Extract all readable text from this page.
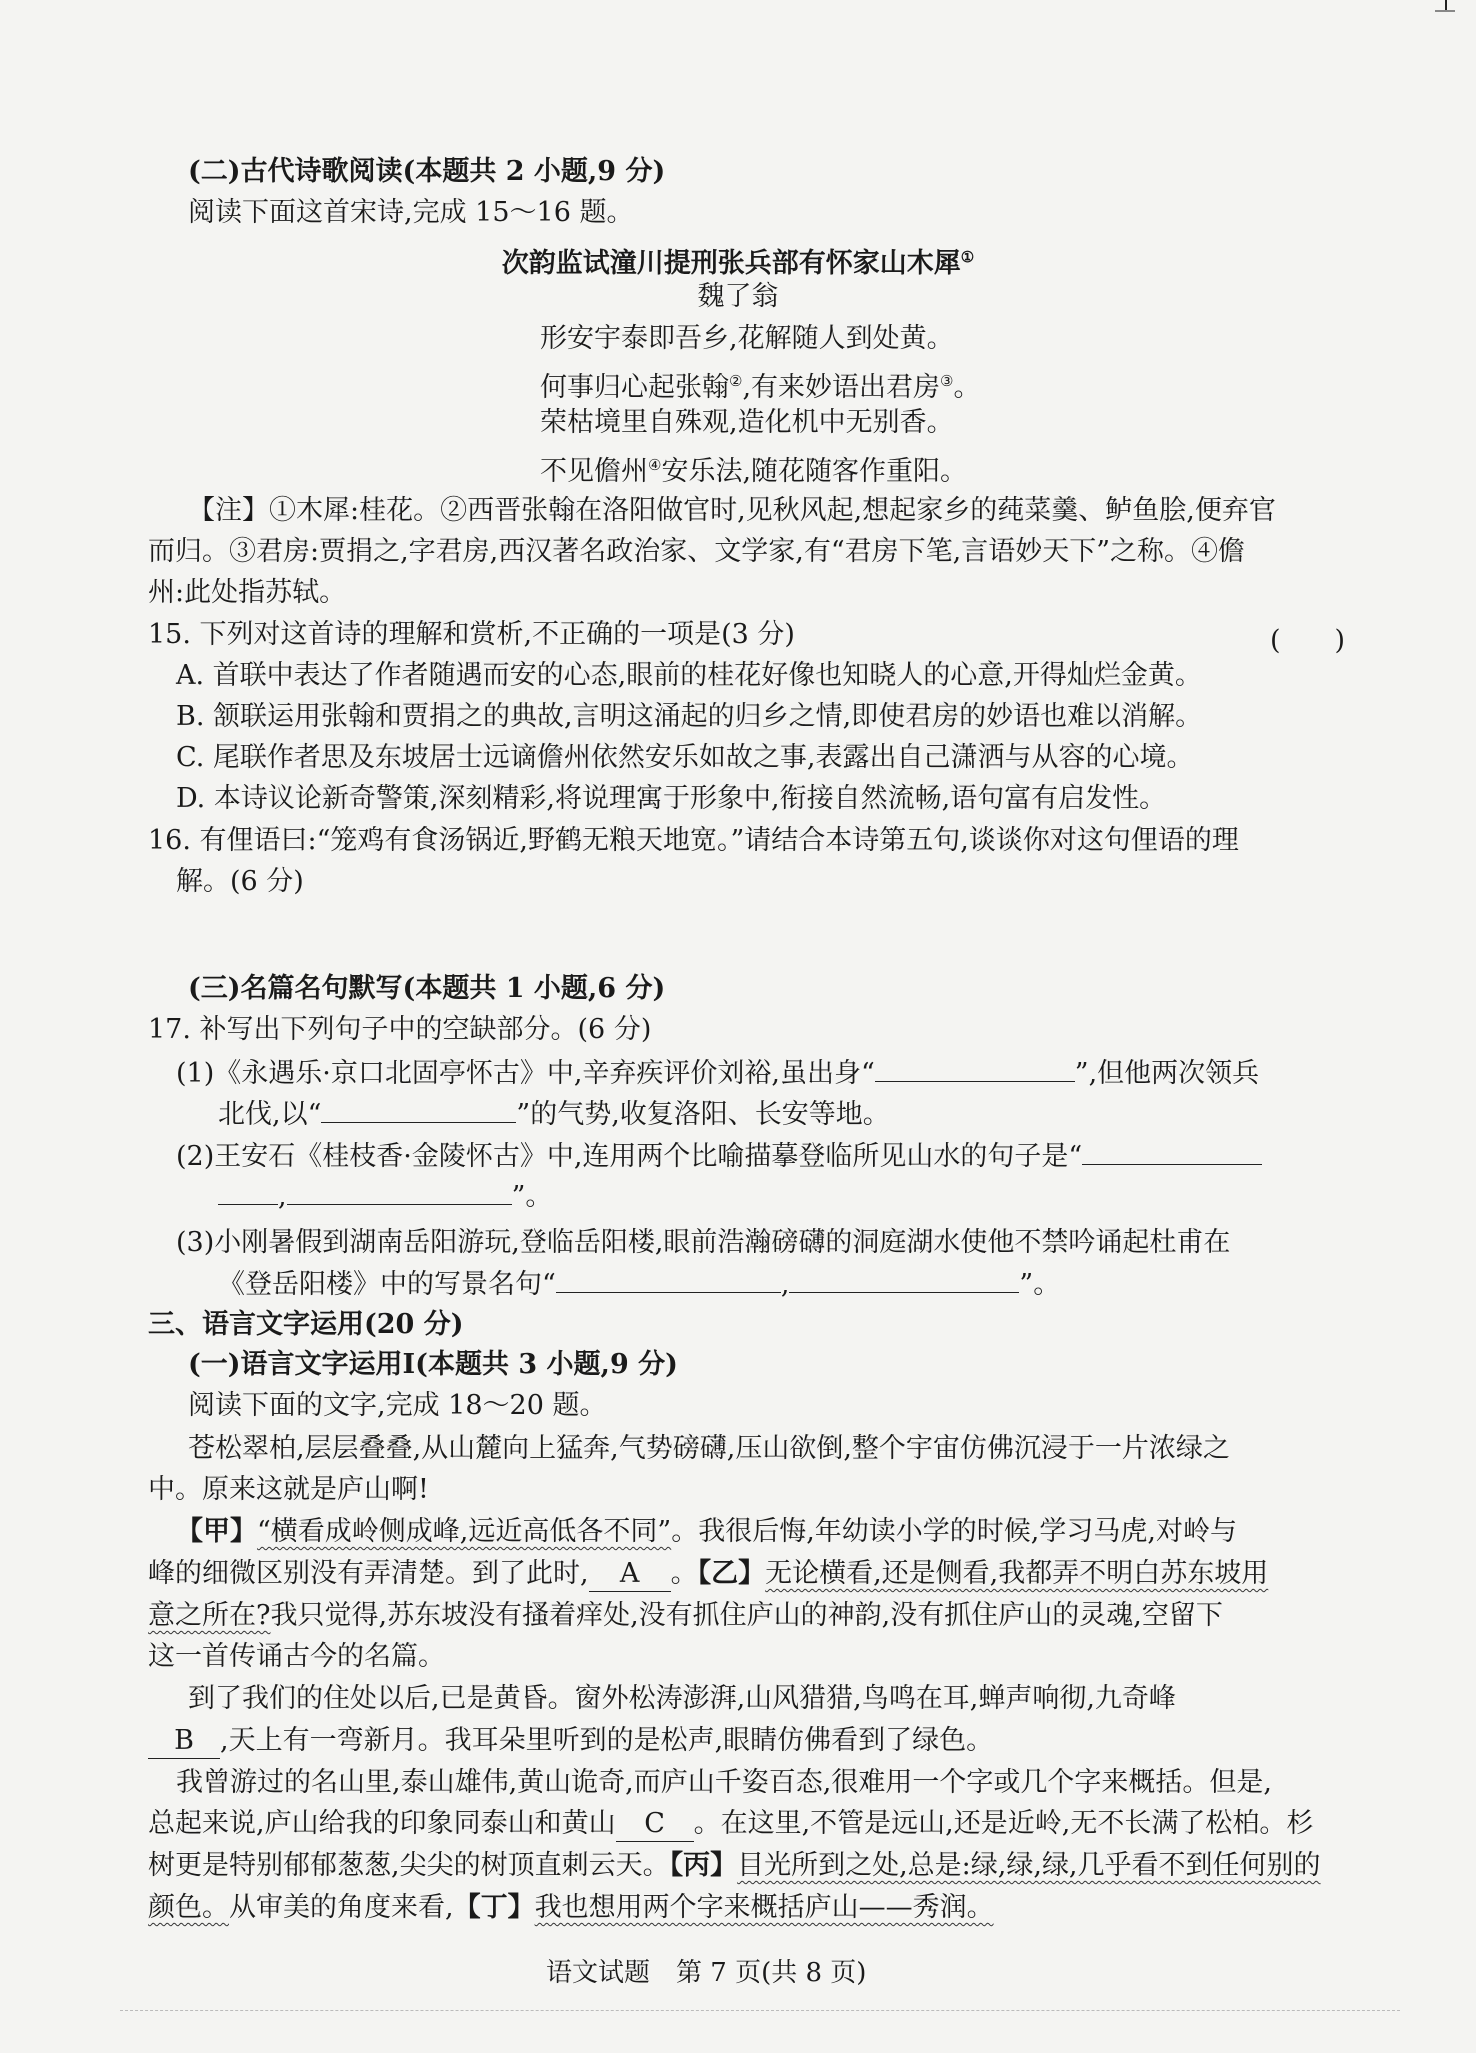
(二)古代诗歌阅读(本题共 2 小题,9 分)
阅读下面这首宋诗,完成 15～16 题。
次韵监试潼川提刑张兵部有怀家山木犀①
魏了翁
形安宇泰即吾乡,花解随人到处黄。
何事归心起张翰②,有来妙语出君房③。
荣枯境里自殊观,造化机中无别香。
不见儋州④安乐法,随花随客作重阳。
【注】①木犀:桂花。②西晋张翰在洛阳做官时,见秋风起,想起家乡的莼菜羹、鲈鱼脍,便弃官
而归。③君房:贾捐之,字君房,西汉著名政治家、文学家,有“君房下笔,言语妙天下”之称。④儋
州:此处指苏轼。
15. 下列对这首诗的理解和赏析,不正确的一项是(3 分)	(　　)
A. 首联中表达了作者随遇而安的心态,眼前的桂花好像也知晓人的心意,开得灿烂金黄。
B. 颔联运用张翰和贾捐之的典故,言明这涌起的归乡之情,即使君房的妙语也难以消解。
C. 尾联作者思及东坡居士远谪儋州依然安乐如故之事,表露出自己潇洒与从容的心境。
D. 本诗议论新奇警策,深刻精彩,将说理寓于形象中,衔接自然流畅,语句富有启发性。
16. 有俚语曰:“笼鸡有食汤锅近,野鹤无粮天地宽。”请结合本诗第五句,谈谈你对这句俚语的理
解。(6 分)
(三)名篇名句默写(本题共 1 小题,6 分)
17. 补写出下列句子中的空缺部分。(6 分)
(1)《永遇乐·京口北固亭怀古》中,辛弃疾评价刘裕,虽出身“	”,但他两次领兵
北伐,以“	”的气势,收复洛阳、长安等地。
(2)王安石《桂枝香·金陵怀古》中,连用两个比喻描摹登临所见山水的句子是“
,	”。
(3)小刚暑假到湖南岳阳游玩,登临岳阳楼,眼前浩瀚磅礴的洞庭湖水使他不禁吟诵起杜甫在
《登岳阳楼》中的写景名句“	,	”。
三、语言文字运用(20 分)
(一)语言文字运用Ⅰ(本题共 3 小题,9 分)
阅读下面的文字,完成 18～20 题。
苍松翠柏,层层叠叠,从山麓向上猛奔,气势磅礴,压山欲倒,整个宇宙仿佛沉浸于一片浓绿之
中。原来这就是庐山啊!
【甲】“横看成岭侧成峰,远近高低各不同”。我很后悔,年幼读小学的时候,学习马虎,对岭与
峰的细微区别没有弄清楚。到了此时, A 。【乙】无论横看,还是侧看,我都弄不明白苏东坡用
意之所在?我只觉得,苏东坡没有搔着痒处,没有抓住庐山的神韵,没有抓住庐山的灵魂,空留下
这一首传诵古今的名篇。
到了我们的住处以后,已是黄昏。窗外松涛澎湃,山风猎猎,鸟鸣在耳,蝉声响彻,九奇峰
B ,天上有一弯新月。我耳朵里听到的是松声,眼睛仿佛看到了绿色。
我曾游过的名山里,泰山雄伟,黄山诡奇,而庐山千姿百态,很难用一个字或几个字来概括。但是,
总起来说,庐山给我的印象同泰山和黄山 C 。在这里,不管是远山,还是近岭,无不长满了松柏。杉
树更是特别郁郁葱葱,尖尖的树顶直刺云天。【丙】目光所到之处,总是:绿,绿,绿,几乎看不到任何别的
颜色。从审美的角度来看,【丁】我也想用两个字来概括庐山——秀润。
语文试题　第 7 页(共 8 页)
